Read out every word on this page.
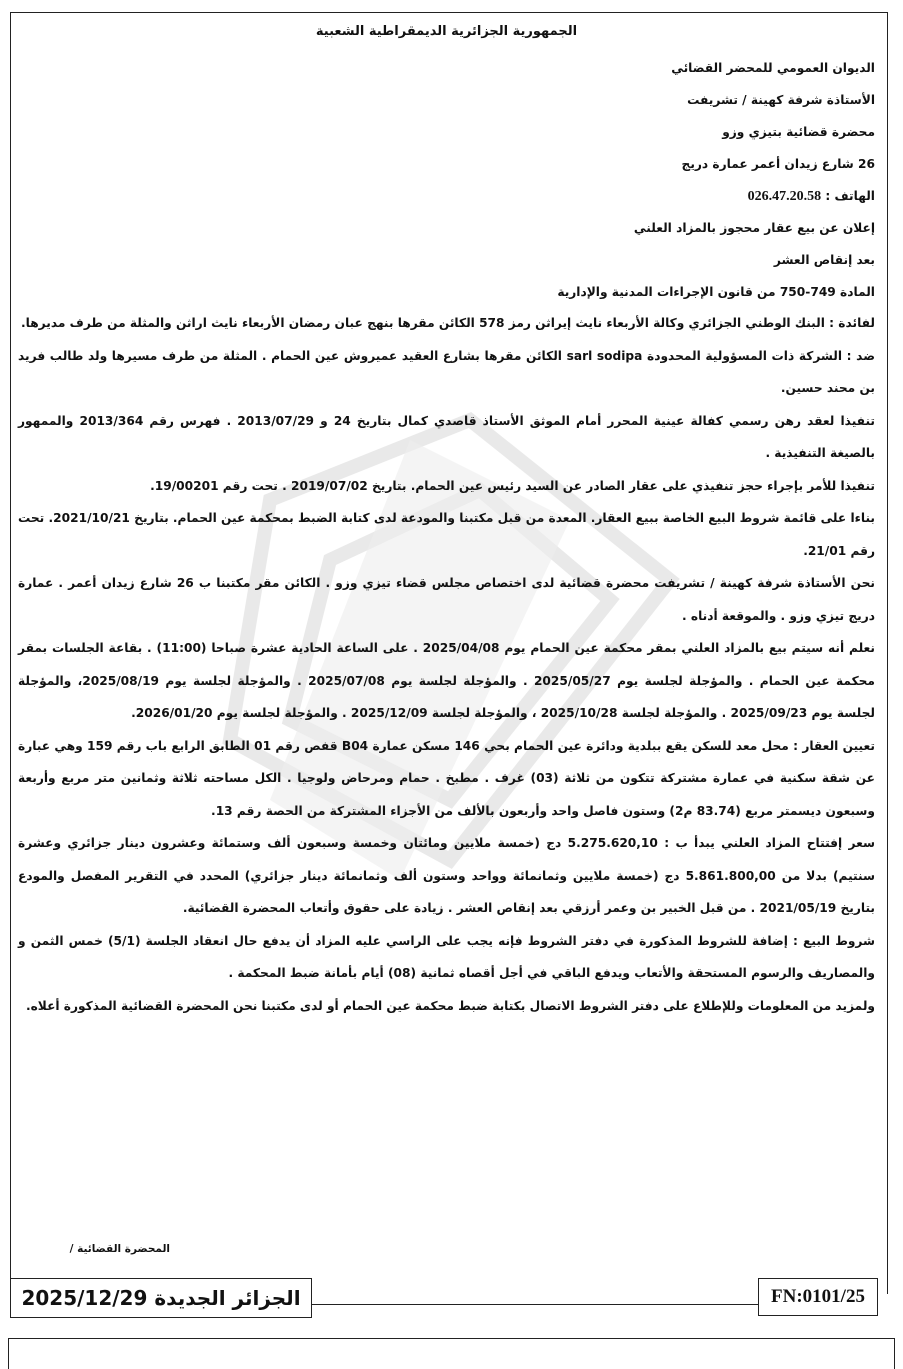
الجمهورية الجزائرية الديمقراطية الشعبية

الديوان العمومي للمحضر القضائي

الأستاذة شرفة كهينة / تشريفت

محضرة قضائية بتيزي وزو

26 شارع زيدان أعمر عمارة دريج

الهاتف : 026.47.20.58

إعلان عن بيع عقار محجوز بالمزاد العلني

بعد إنقاص العشر

المادة 749-750 من قانون الإجراءات المدنية والإدارية

لفائدة : البنك الوطني الجزائري وكالة الأربعاء نايث إيراثن رمز 578 الكائن مقرها بنهج عبان رمضان الأربعاء نايث اراثن والمثلة من طرف مديرها.

ضد : الشركة ذات المسؤولية المحدودة sarl sodipa الكائن مقرها بشارع العقيد عميروش عين الحمام . المثلة من طرف مسيرها ولد طالب فريد بن محند حسين.

تنفيذا لعقد رهن رسمي كفالة عينية المحرر أمام الموثق الأستاذ قاصدي كمال بتاريخ 24 و 2013/07/29 . فهرس رقم 2013/364 والممهور بالصيغة التنفيذية .

تنفيذا للأمر بإجراء حجز تنفيذي على عقار الصادر عن السيد رئيس عين الحمام. بتاريخ 2019/07/02 . تحت رقم 19/00201.

بناءا على قائمة شروط البيع الخاصة ببيع العقار. المعدة من قبل مكتبنا والمودعة لدى كتابة الضبط بمحكمة عين الحمام. بتاريخ 2021/10/21. تحت رقم 21/01.

نحن الأستاذة شرفة كهينة / تشريفت محضرة قضائية لدى اختصاص مجلس قضاء تيزي وزو . الكائن مقر مكتبنا ب 26 شارع زيدان أعمر . عمارة دريج تيزي وزو . والموقعة أدناه .

نعلم أنه سيتم بيع بالمزاد العلني بمقر محكمة عين الحمام يوم 2025/04/08 . على الساعة الحادية عشرة صباحا (11:00) . بقاعة الجلسات بمقر محكمة عين الحمام . والمؤجلة لجلسة يوم 2025/05/27 . والمؤجلة لجلسة يوم 2025/07/08 . والمؤجلة لجلسة يوم 2025/08/19، والمؤجلة لجلسة يوم 2025/09/23 . والمؤجلة لجلسة 2025/10/28 ، والمؤجلة لجلسة 2025/12/09 . والمؤجلة لجلسة يوم 2026/01/20.

تعيين العقار : محل معد للسكن يقع ببلدية ودائرة عين الحمام بحي 146 مسكن عمارة B04 قفص رقم 01 الطابق الرابع باب رقم 159 وهي عبارة عن شقة سكنية في عمارة مشتركة تتكون من ثلاثة (03) غرف . مطبخ . حمام ومرحاض ولوجيا . الكل مساحته ثلاثة وثمانين متر مربع وأربعة وسبعون ديسمتر مربع (83.74 م2) وستون فاصل واحد وأربعون بالألف من الأجزاء المشتركة من الحصة رقم 13.

سعر إفتتاح المزاد العلني يبدأ ب : 5.275.620,10 دج (خمسة ملايين ومائتان وخمسة وسبعون ألف وستمائة وعشرون دينار جزائري وعشرة سنتيم) بدلا من 5.861.800,00 دج (خمسة ملايين وثمانمائة وواحد وستون ألف وثمانمائة دينار جزائري) المحدد في التقرير المفصل والمودع بتاريخ 2021/05/19 . من قبل الخبير بن وعمر أرزقي بعد إنقاص العشر . زيادة على حقوق وأتعاب المحضرة القضائية.

شروط البيع : إضافة للشروط المذكورة في دفتر الشروط فإنه يجب على الراسي عليه المزاد أن يدفع حال انعقاد الجلسة (5/1) خمس الثمن و والمصاريف والرسوم المستحقة والأتعاب ويدفع الباقي في أجل أقصاه ثمانية (08) أيام بأمانة ضبط المحكمة .

ولمزيد من المعلومات وللإطلاع على دفتر الشروط الاتصال بكتابة ضبط محكمة عين الحمام أو لدى مكتبنا نحن المحضرة القضائية المذكورة أعلاه.

المحضرة القضائية /
الجزائر الجديدة 2025/12/29	FN:0101/25
